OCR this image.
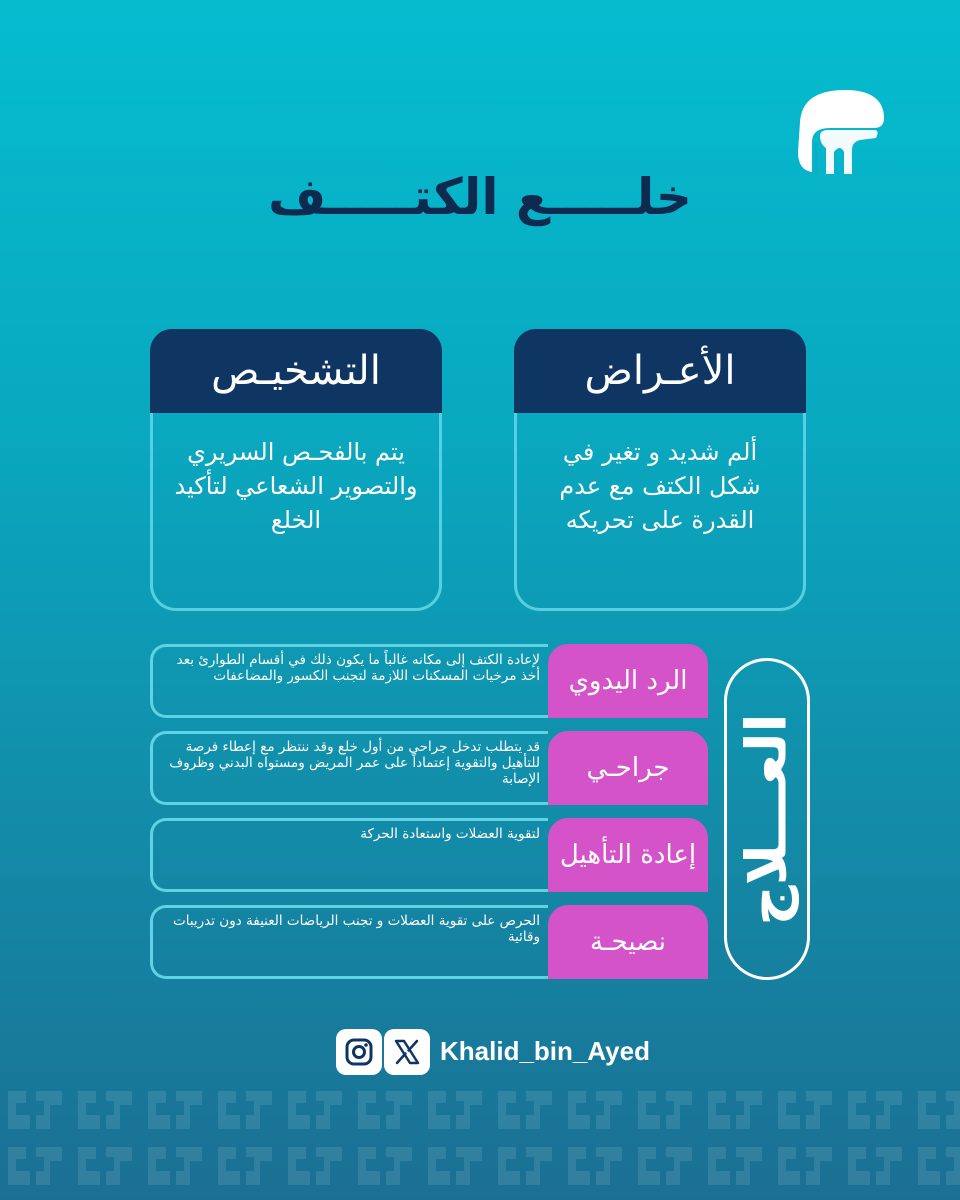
خلـــــع الكتـــــف
الأعـراض
ألم شديد و تغير في شكل الكتف مع عدم القدرة على تحريكه
التشخيـص
يتم بالفحـص السريري والتصوير الشعاعي لتأكيد الخلع
العـــلاج
الرد اليدوي
لإعادة الكتف إلى مكانه غالباً ما يكون ذلك في أقسام الطوارئ بعد أخذ مرخيات المسكنات اللازمة لتجنب الكسور والمضاعفات
جراحـي
قد يتطلب تدخل جراحي من أول خلع وقد ننتظر مع إعطاء فرصة للتأهيل والتقوية إعتماداً على عمر المريض ومستواه البدني وظروف الإصابة
إعادة التأهيل
لتقوية العضلات واستعادة الحركة
نصيحـة
الحرص على تقوية العضلات و تجنب الرياضات العنيفة دون تدريبات وقائية
Khalid_bin_Ayed
